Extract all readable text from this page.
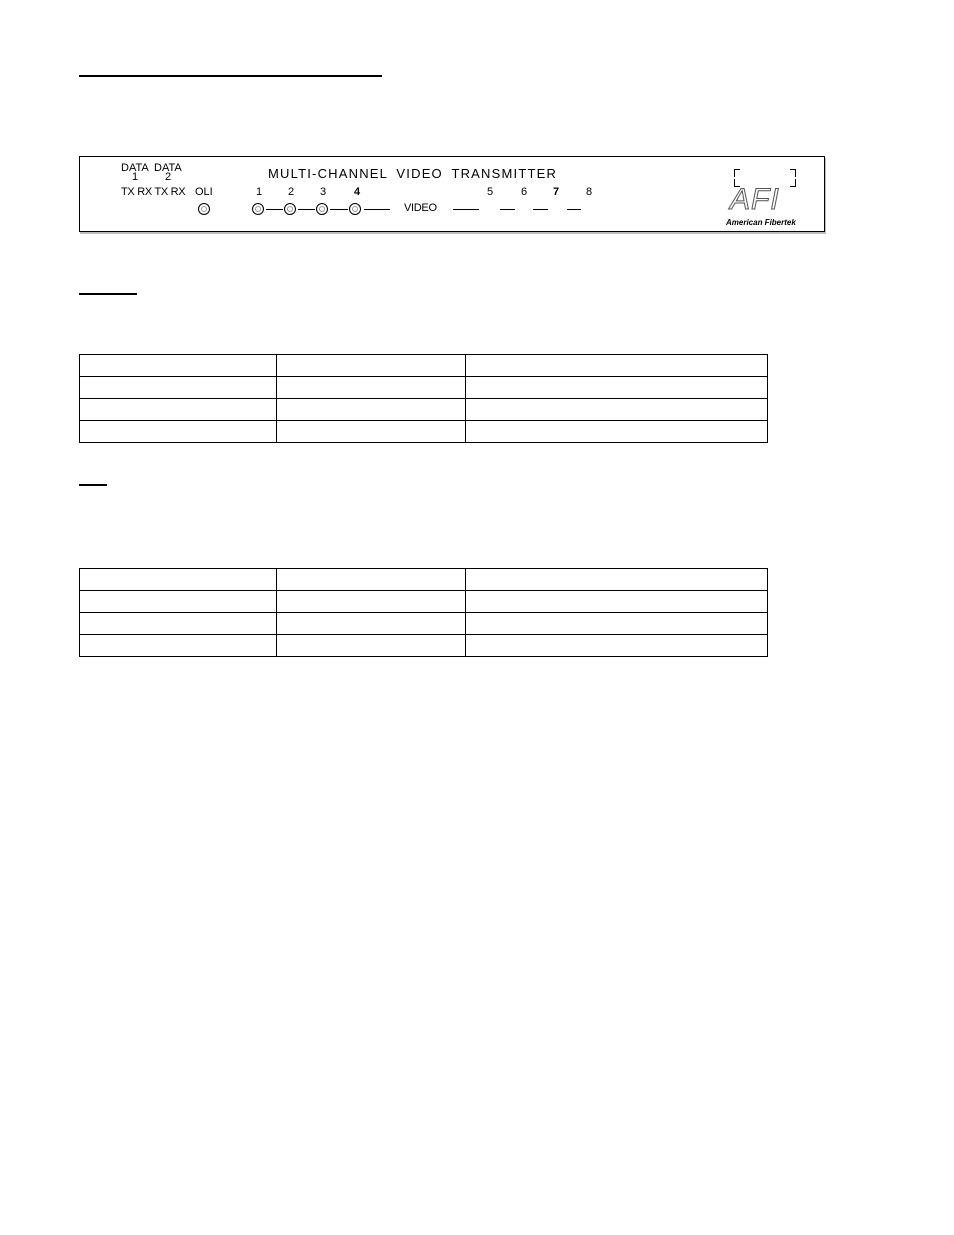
DATA
1
DATA
2
TX RX TX RX OLI
MULTI-CHANNEL VIDEO TRANSMITTER
1 2 3	4	5	6 7 8
VIDEO	AFI
American Fibertek
